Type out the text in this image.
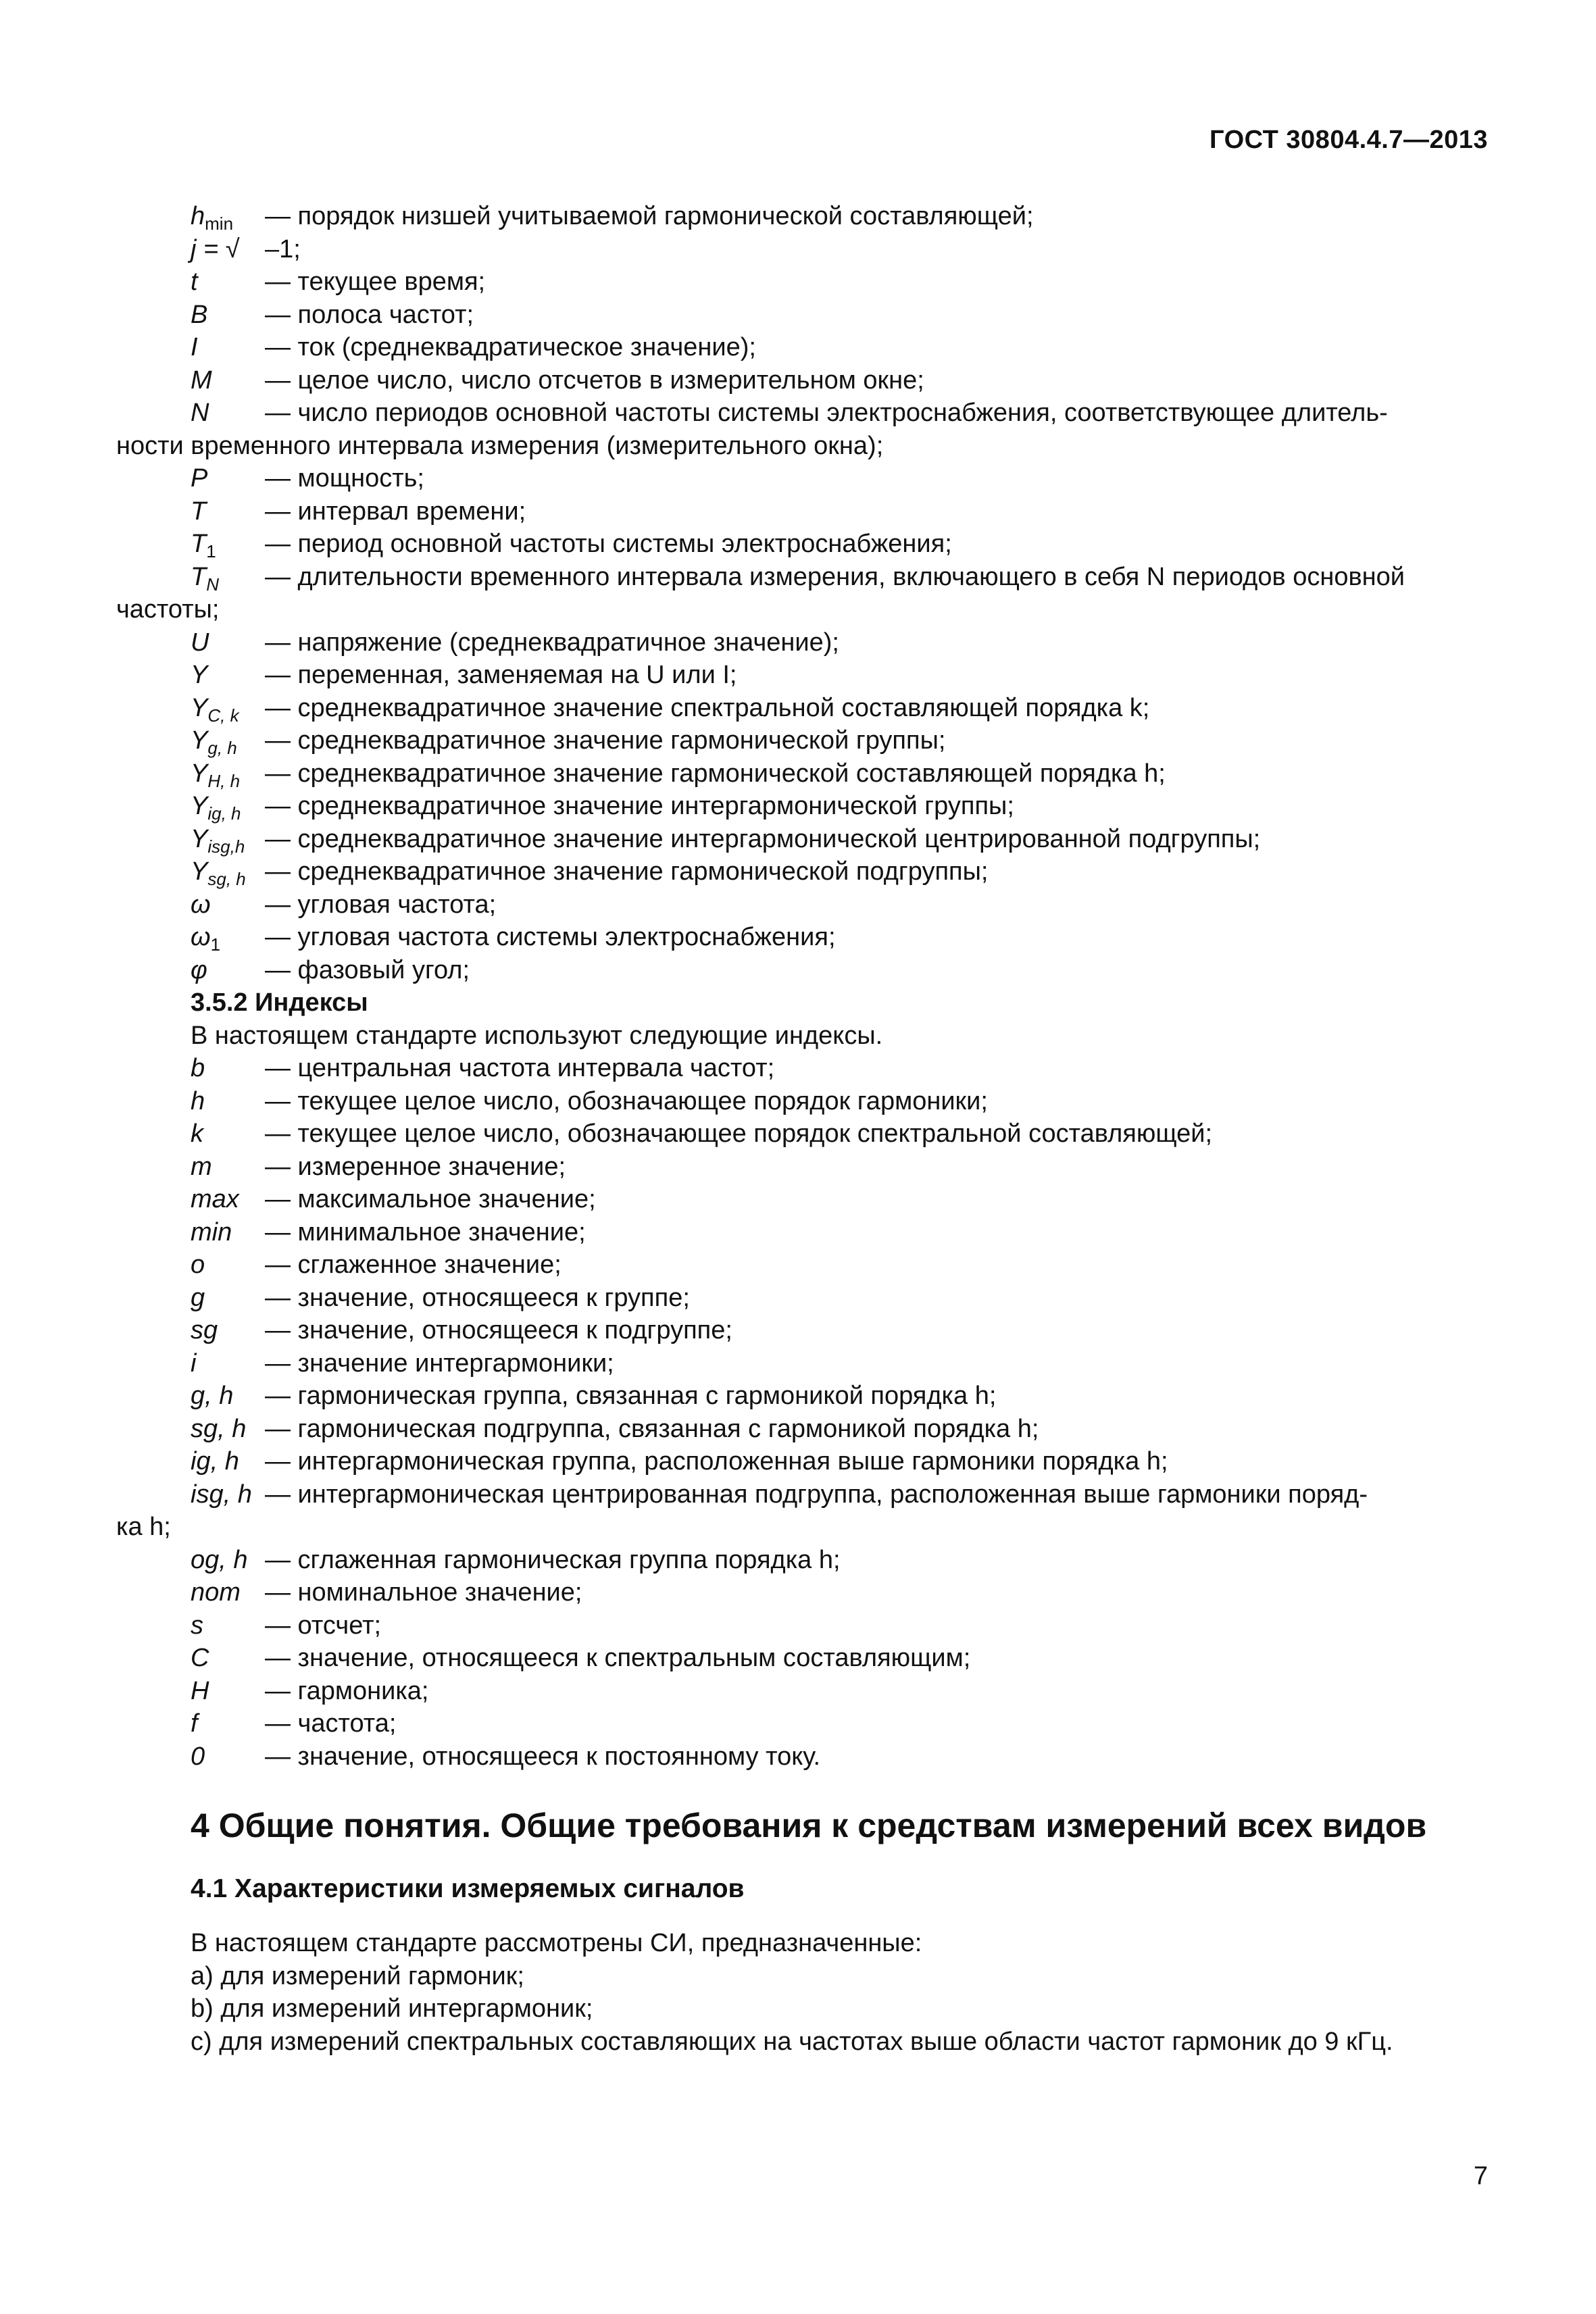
ГОСТ 30804.4.7—2013
$h_{min}$	— порядок низшей учитываемой гармонической составляющей;
j = √ –1;
t	— текущее время;
B	— полоса частот;
I	— ток (среднеквадратическое значение);
M	— целое число, число отсчетов в измерительном окне;
N	— число периодов основной частоты системы электроснабжения, соответствующее длитель-
ности временного интервала измерения (измерительного окна);
P	— мощность;
T	— интервал времени;
$T_1$	— период основной частоты системы электроснабжения;
$T_N$	— длительности временного интервала измерения, включающего в себя N периодов основной
частоты;
U	— напряжение (среднеквадратичное значение);
Y	— переменная, заменяемая на U или I;
$Y_{C, k}$	— среднеквадратичное значение спектральной составляющей порядка k;
$Y_{g, h}$	— среднеквадратичное значение гармонической группы;
$Y_{H, h}$ — среднеквадратичное значение гармонической составляющей порядка h;
$Y_{ig, h}$ — среднеквадратичное значение интергармонической группы;
$Y_{isg,h}$ — среднеквадратичное значение интергармонической центрированной подгруппы;
$Y_{sg, h}$ — среднеквадратичное значение гармонической подгруппы;
ω	— угловая частота;
$\omega_1$	— угловая частота системы электроснабжения;
φ	— фазовый угол;
3.5.2 Индексы
В настоящем стандарте используют следующие индексы.
b	— центральная частота интервала частот;
h	— текущее целое число, обозначающее порядок гармоники;
k	— текущее целое число, обозначающее порядок спектральной составляющей;
m	— измеренное значение;
max	— максимальное значение;
min	— минимальное значение;
o	— сглаженное значение;
g	— значение, относящееся к группе;
sg	— значение, относящееся к подгруппе;
i	— значение интергармоники;
g, h	— гармоническая группа, связанная с гармоникой порядка h;
sg, h — гармоническая подгруппа, связанная с гармоникой порядка h;
ig, h	— интергармоническая группа, расположенная выше гармоники порядка h;
isg, h — интергармоническая центрированная подгруппа, расположенная выше гармоники поряд-
ка h;
og, h — сглаженная гармоническая группа порядка h;
nom — номинальное значение;
s	— отсчет;
C	— значение, относящееся к спектральным составляющим;
H	— гармоника;
f	— частота;
0	— значение, относящееся к постоянному току.
4 Общие понятия. Общие требования к средствам измерений всех видов
4.1 Характеристики измеряемых сигналов
В настоящем стандарте рассмотрены СИ, предназначенные:
a) для измерений гармоник;
b) для измерений интергармоник;
c) для измерений спектральных составляющих на частотах выше области частот гармоник до 9 кГц.
7
